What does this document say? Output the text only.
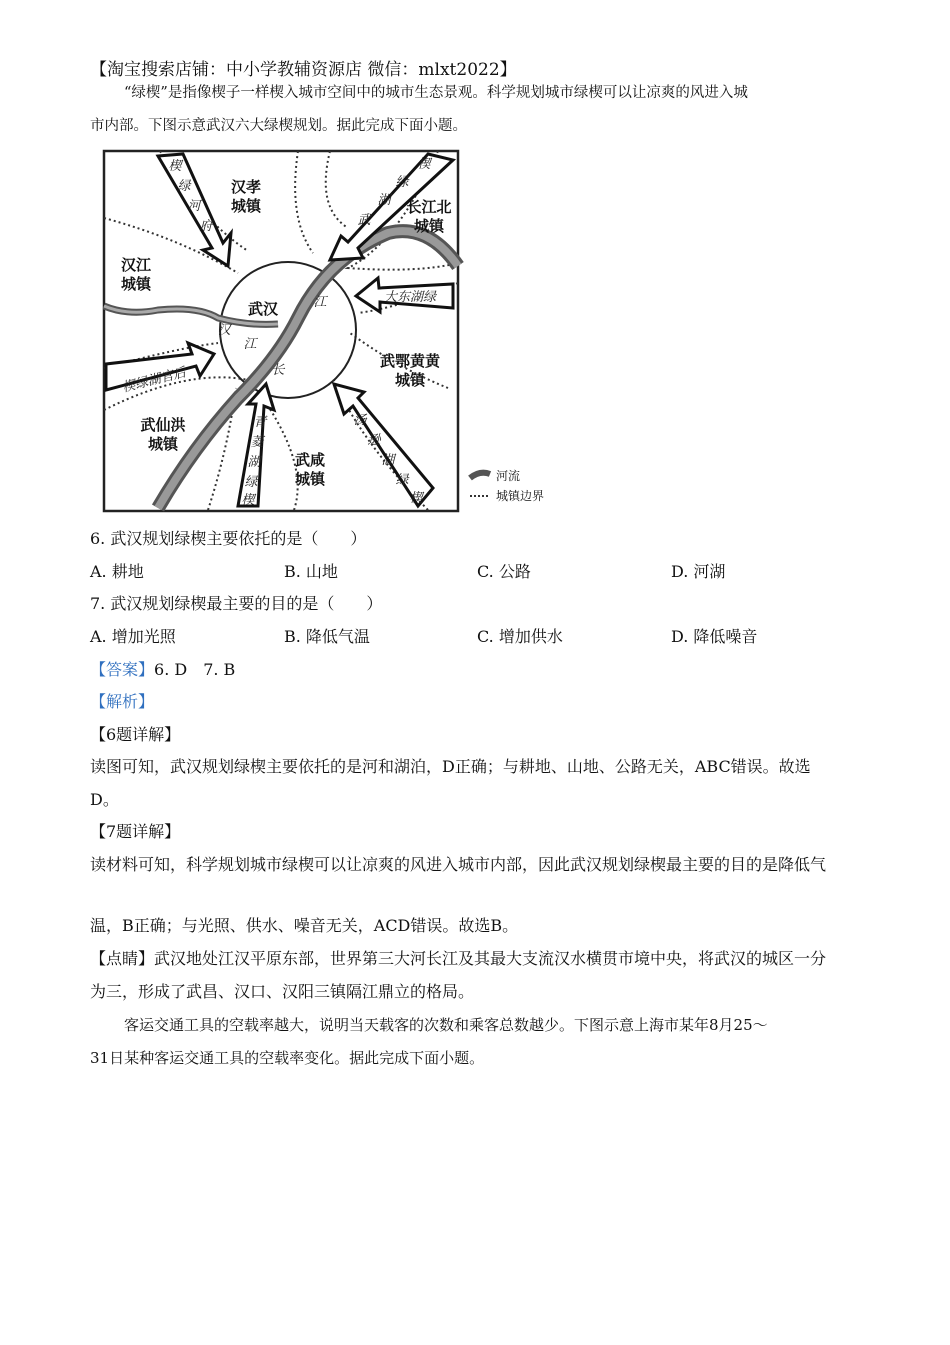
【淘宝搜索店铺：中小学教辅资源店 微信：mlxt2022】
“绿楔”是指像楔子一样楔入城市空间中的城市生态景观。科学规划城市绿楔可以让凉爽的风进入城
市内部。下图示意武汉六大绿楔规划。据此完成下面小题。
汉孝
城镇	长江北
城镇
汉江
城镇
武汉
武鄂黄黄
城镇
武仙洪
城镇
武咸
城镇
楔
绿
河
府
楔
绿
湖
武
大东湖绿
楔绿湖官后
青
菱
湖
绿
楔
汤
逊
湖
绿
楔
江
长
汉
江
河流
城镇边界
6. 武汉规划绿楔主要依托的是（　　）
A. 耕地	B. 山地	C. 公路	D. 河湖
7. 武汉规划绿楔最主要的目的是（　　）
A. 增加光照	B. 降低气温	C. 增加供水	D. 降低噪音
【答案】6. D　7. B
【解析】
【6题详解】
读图可知，武汉规划绿楔主要依托的是河和湖泊，D正确；与耕地、山地、公路无关，ABC错误。故选
D。
【7题详解】
读材料可知，科学规划城市绿楔可以让凉爽的风进入城市内部，因此武汉规划绿楔最主要的目的是降低气
温，B正确；与光照、供水、噪音无关，ACD错误。故选B。
【点睛】武汉地处江汉平原东部，世界第三大河长江及其最大支流汉水横贯市境中央，将武汉的城区一分
为三，形成了武昌、汉口、汉阳三镇隔江鼎立的格局。
客运交通工具的空载率越大，说明当天载客的次数和乘客总数越少。下图示意上海市某年8月25～
31日某种客运交通工具的空载率变化。据此完成下面小题。
